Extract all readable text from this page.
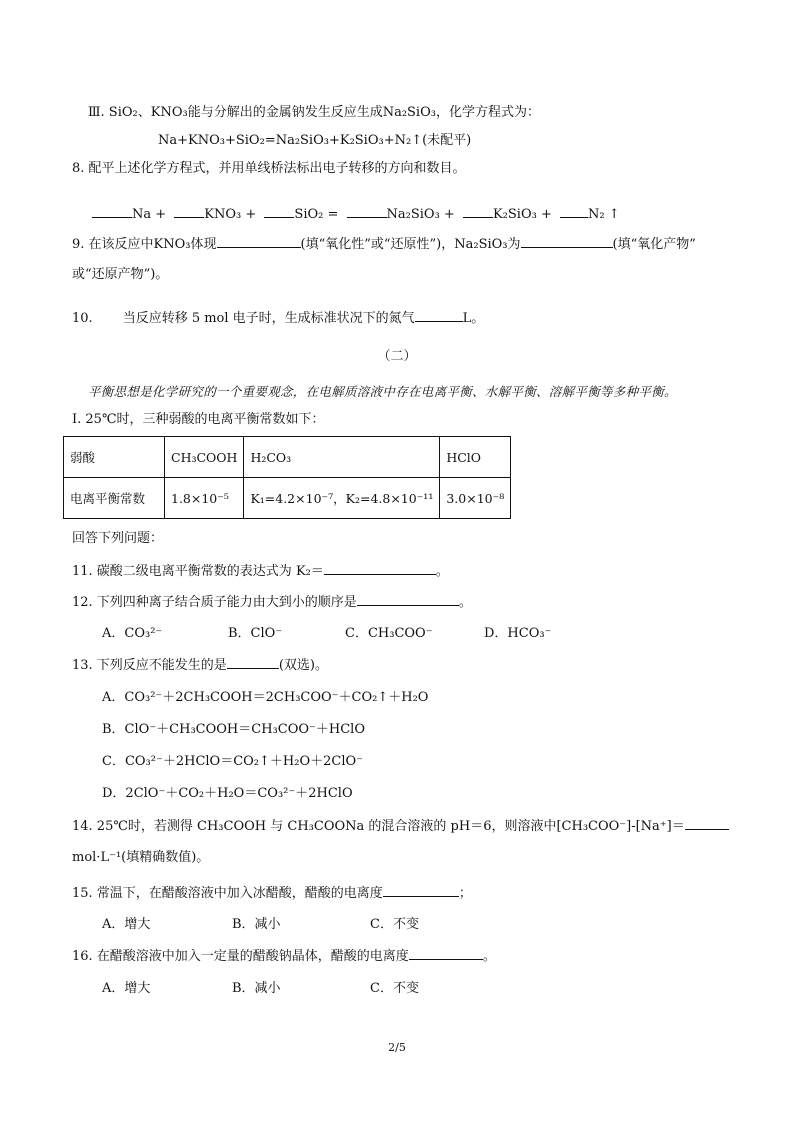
Ⅲ. SiO₂、KNO₃能与分解出的金属钠发生反应生成Na₂SiO₃，化学方程式为：
Na+KNO₃+SiO₂=Na₂SiO₃+K₂SiO₃+N₂↑(未配平)
8. 配平上述化学方程式，并用单线桥法标出电子转移的方向和数目。
Na +	KNO₃ +	SiO₂ =	Na₂SiO₃ +	K₂SiO₃ +	N₂ ↑
9. 在该反应中KNO₃体现	(填“氧化性”或“还原性”)，Na₂SiO₃为	(填“氧化产物”
或“还原产物”)。
10. 当反应转移 5 mol 电子时，生成标准状况下的氮气	L。
（二）
平衡思想是化学研究的一个重要观念，在电解质溶液中存在电离平衡、水解平衡、溶解平衡等多种平衡。
I. 25℃时，三种弱酸的电离平衡常数如下：
弱酸	CH₃COOH	H₂CO₃	HClO
电离平衡常数	1.8×10⁻⁵	K₁=4.2×10⁻⁷，K₂=4.8×10⁻¹¹	3.0×10⁻⁸
回答下列问题：
11. 碳酸二级电离平衡常数的表达式为 K₂＝	。
12. 下列四种离子结合质子能力由大到小的顺序是	。
A．CO₃²⁻	B．ClO⁻	C．CH₃COO⁻	D．HCO₃⁻
13. 下列反应不能发生的是	(双选)。
A．CO₃²⁻＋2CH₃COOH＝2CH₃COO⁻＋CO₂↑＋H₂O
B．ClO⁻＋CH₃COOH＝CH₃COO⁻＋HClO
C．CO₃²⁻＋2HClO＝CO₂↑＋H₂O＋2ClO⁻
D．2ClO⁻＋CO₂＋H₂O＝CO₃²⁻＋2HClO
14. 25℃时，若测得 CH₃COOH 与 CH₃COONa 的混合溶液的 pH＝6，则溶液中[CH₃COO⁻]-[Na⁺]＝
mol·L⁻¹(填精确数值)。
15. 常温下，在醋酸溶液中加入冰醋酸，醋酸的电离度	；
A．增大	B．减小	C．不变
16. 在醋酸溶液中加入一定量的醋酸钠晶体，醋酸的电离度	。
A．增大	B．减小	C．不变
2/5
